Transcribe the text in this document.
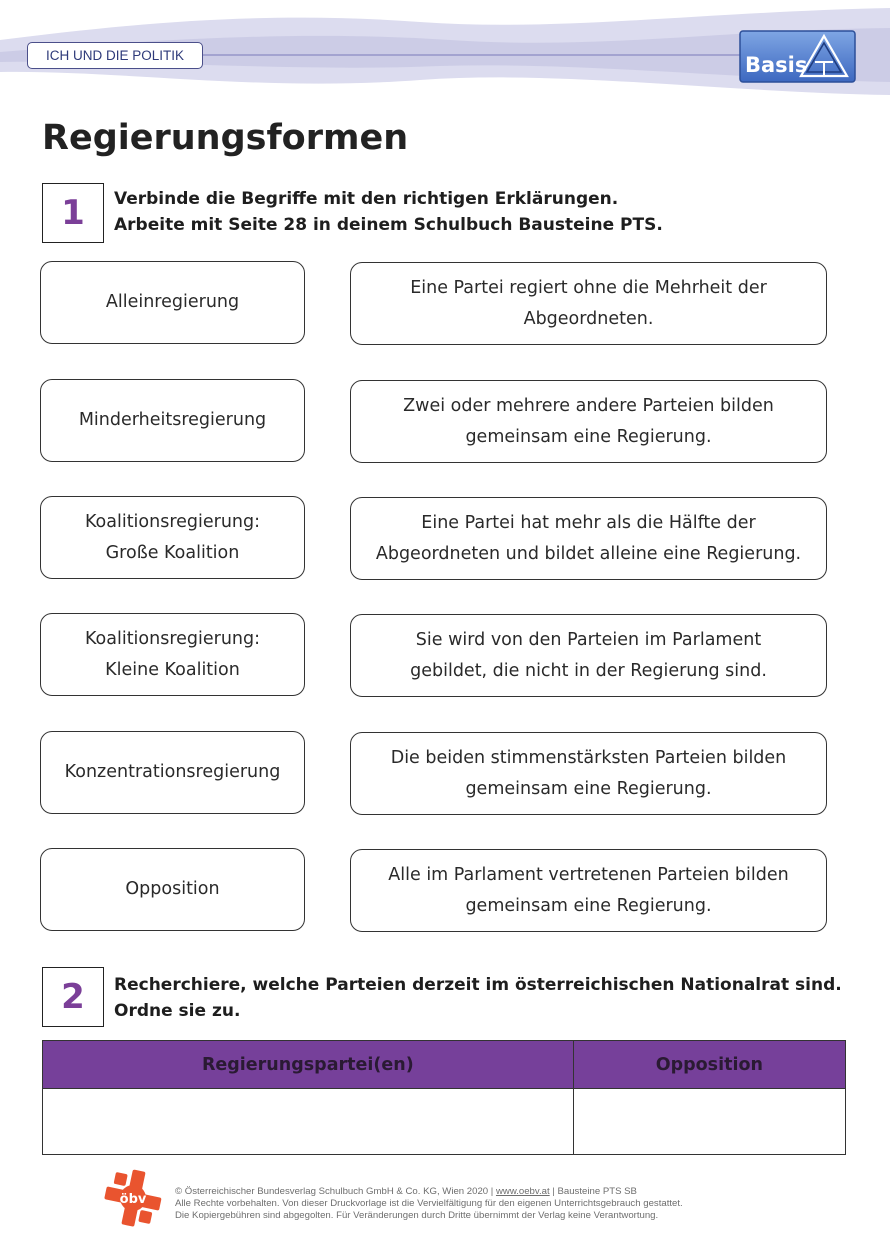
ICH UND DIE POLITIK	Basis
Regierungsformen
1	Verbinde die Begriffe mit den richtigen Erklärungen.
Arbeite mit Seite 28 in deinem Schulbuch Bausteine PTS.

Alleinregierung
Minderheitsregierung
Koalitionsregierung:
Große Koalition
Koalitionsregierung:
Kleine Koalition
Konzentrationsregierung
Opposition
Eine Partei regiert ohne die Mehrheit der
Abgeordneten.
Zwei oder mehrere andere Parteien bilden
gemeinsam eine Regierung.
Eine Partei hat mehr als die Hälfte der
Abgeordneten und bildet alleine eine Regierung.
Sie wird von den Parteien im Parlament
gebildet, die nicht in der Regierung sind.
Die beiden stimmenstärksten Parteien bilden
gemeinsam eine Regierung.
Alle im Parlament vertretenen Parteien bilden
gemeinsam eine Regierung.
2	Recherchiere, welche Parteien derzeit im österreichischen Nationalrat sind.
Ordne sie zu.

Regierungspartei(en)	Opposition

öbv
© Österreichischer Bundesverlag Schulbuch GmbH & Co. KG, Wien 2020 | www.oebv.at | Bausteine PTS SB
Alle Rechte vorbehalten. Von dieser Druckvorlage ist die Vervielfältigung für den eigenen Unterrichtsgebrauch gestattet.
Die Kopiergebühren sind abgegolten. Für Veränderungen durch Dritte übernimmt der Verlag keine Verantwortung.
